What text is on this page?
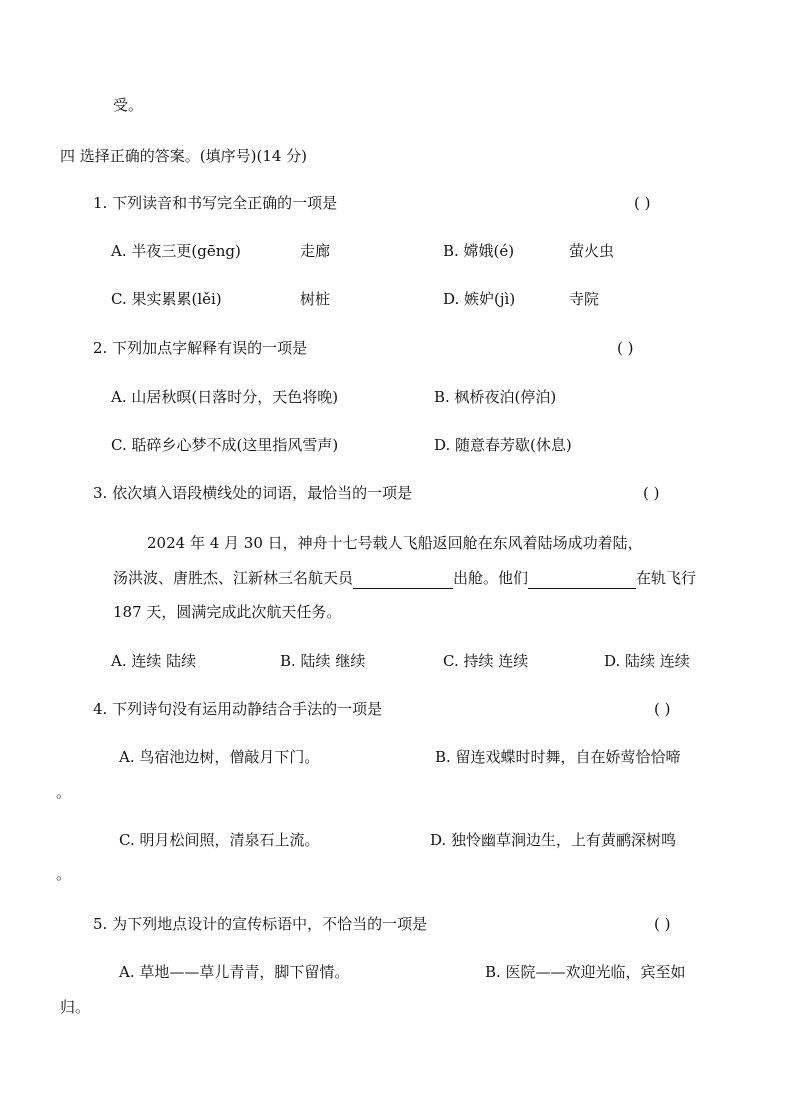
受。
四 选择正确的答案。(填序号)(14 分)
1. 下列读音和书写完全正确的一项是	( )
A. 半夜三更(gēng)	走廊	B. 嫦娥(é)	萤火虫
C. 果实累累(lěi)	树桩	D. 嫉妒(jì)	寺院
2. 下列加点字解释有误的一项是	( )
A. 山居秋暝(日落时分，天色将晚)	B. 枫桥夜泊(停泊)
C. 聒碎乡心梦不成(这里指风雪声)	D. 随意春芳歇(休息)
3. 依次填入语段横线处的词语，最恰当的一项是	( )
2024 年 4 月 30 日，神舟十七号载人飞船返回舱在东风着陆场成功着陆，
汤洪波、唐胜杰、江新林三名航天员	出舱。他们	在轨飞行
187 天，圆满完成此次航天任务。
A. 连续 陆续	B. 陆续 继续	C. 持续 连续	D. 陆续 连续
4. 下列诗句没有运用动静结合手法的一项是	( )
A. 鸟宿池边树，僧敲月下门。	B. 留连戏蝶时时舞，自在娇莺恰恰啼
。
C. 明月松间照，清泉石上流。	D. 独怜幽草涧边生，上有黄鹂深树鸣
。
5. 为下列地点设计的宣传标语中，不恰当的一项是	( )
A. 草地——草儿青青，脚下留情。	B. 医院——欢迎光临，宾至如
归。
